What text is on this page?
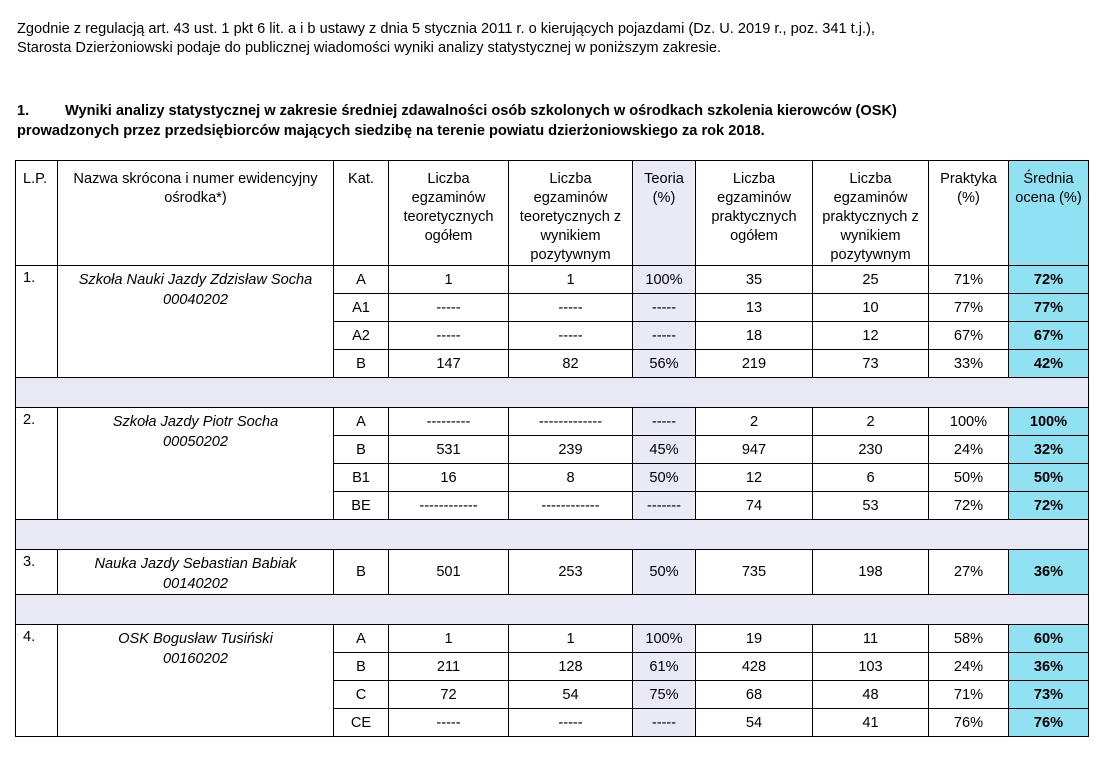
Zgodnie z regulacją art. 43 ust. 1 pkt 6 lit. a i b ustawy z dnia 5 stycznia 2011 r. o kierujących pojazdami (Dz. U. 2019 r., poz. 341 t.j.),
Starosta Dzierżoniowski podaje do publicznej wiadomości wyniki analizy statystycznej w poniższym zakresie.
1. Wyniki analizy statystycznej w zakresie średniej zdawalności osób szkolonych w ośrodkach szkolenia kierowców (OSK)
prowadzonych przez przedsiębiorców mających siedzibę na terenie powiatu dzierżoniowskiego za rok 2018.
L.P.	Nazwa skrócona i numer ewidencyjny ośrodka*)	Kat.	Liczba egzaminów teoretycznych ogółem	Liczba egzaminów teoretycznych z wynikiem pozytywnym	Teoria (%)	Liczba egzaminów praktycznych ogółem	Liczba egzaminów praktycznych z wynikiem pozytywnym	Praktyka (%)	Średnia ocena (%)
1.	Szkoła Nauki Jazdy Zdzisław Socha
00040202	A	1	1	100%	35	25	71%	72%
		A1	-----	-----	-----	13	10	77%	77%
		A2	-----	-----	-----	18	12	67%	67%
		B	147	82	56%	219	73	33%	42%

2.	Szkoła Jazdy Piotr Socha
00050202	A	---------	-------------	-----	2	2	100%	100%
		B	531	239	45%	947	230	24%	32%
		B1	16	8	50%	12	6	50%	50%
		BE	------------	------------	-------	74	53	72%	72%

3.	Nauka Jazdy Sebastian Babiak
00140202	B	501	253	50%	735	198	27%	36%

4.	OSK Bogusław Tusiński
00160202	A	1	1	100%	19	11	58%	60%
		B	211	128	61%	428	103	24%	36%
		C	72	54	75%	68	48	71%	73%
		CE	-----	-----	-----	54	41	76%	76%
